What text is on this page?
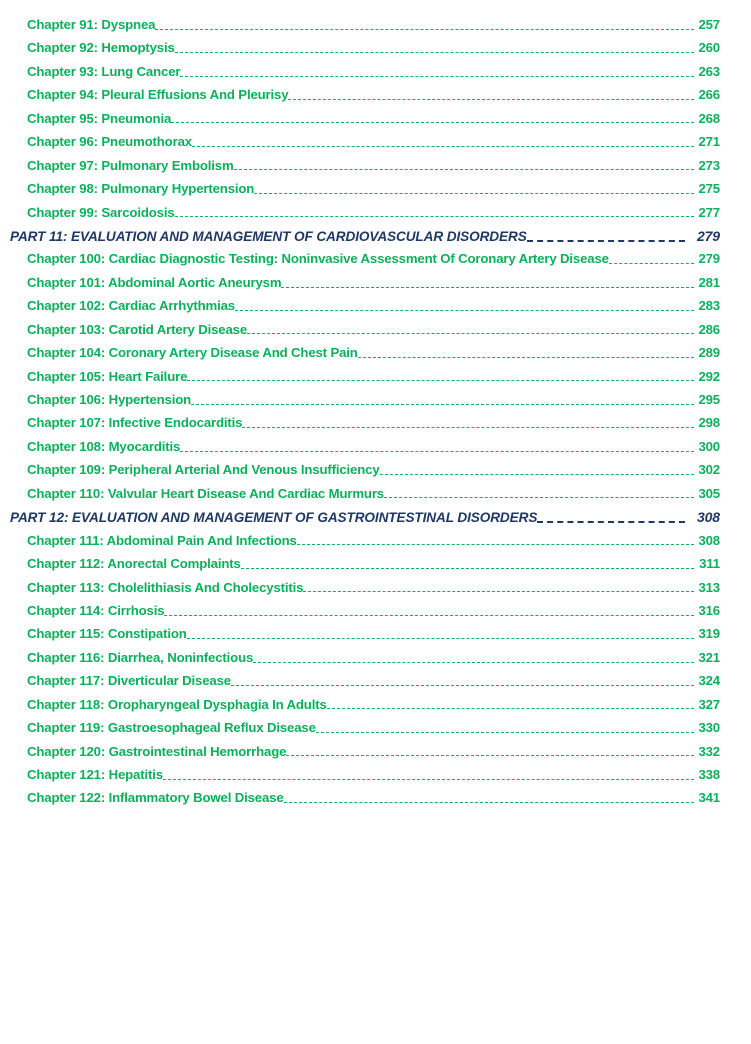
Chapter 91: Dyspnea	257
Chapter 92: Hemoptysis	260
Chapter 93: Lung Cancer	263
Chapter 94: Pleural Effusions And Pleurisy	266
Chapter 95: Pneumonia	268
Chapter 96: Pneumothorax	271
Chapter 97: Pulmonary Embolism	273
Chapter 98: Pulmonary Hypertension	275
Chapter 99: Sarcoidosis	277
PART 11: EVALUATION AND MANAGEMENT OF CARDIOVASCULAR DISORDERS	279
Chapter 100: Cardiac Diagnostic Testing: Noninvasive Assessment Of Coronary Artery Disease	279
Chapter 101: Abdominal Aortic Aneurysm	281
Chapter 102: Cardiac Arrhythmias	283
Chapter 103: Carotid Artery Disease	286
Chapter 104: Coronary Artery Disease And Chest Pain	289
Chapter 105: Heart Failure	292
Chapter 106: Hypertension	295
Chapter 107: Infective Endocarditis	298
Chapter 108: Myocarditis	300
Chapter 109: Peripheral Arterial And Venous Insufficiency	302
Chapter 110: Valvular Heart Disease And Cardiac Murmurs	305
PART 12: EVALUATION AND MANAGEMENT OF GASTROINTESTINAL DISORDERS	308
Chapter 111: Abdominal Pain And Infections	308
Chapter 112: Anorectal Complaints	311
Chapter 113: Cholelithiasis And Cholecystitis	313
Chapter 114: Cirrhosis	316
Chapter 115: Constipation	319
Chapter 116: Diarrhea, Noninfectious	321
Chapter 117: Diverticular Disease	324
Chapter 118: Oropharyngeal Dysphagia In Adults	327
Chapter 119: Gastroesophageal Reflux Disease	330
Chapter 120: Gastrointestinal Hemorrhage	332
Chapter 121: Hepatitis	338
Chapter 122: Inflammatory Bowel Disease	341
